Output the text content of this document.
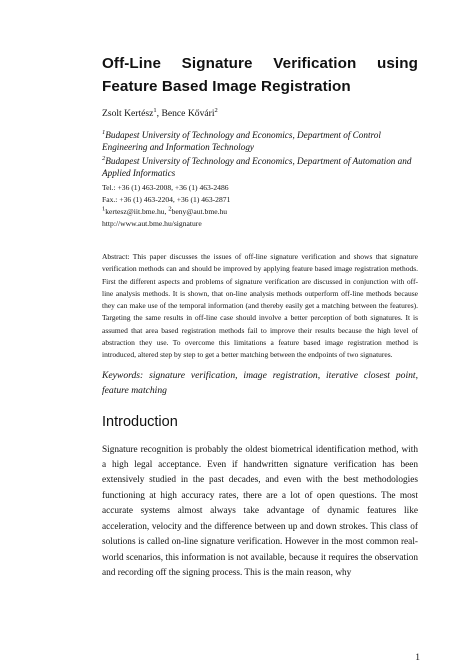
Off-Line Signature Verification using Feature Based Image Registration
Zsolt Kertész$^1$, Bence Kővári$^2$

$^1$Budapest University of Technology and Economics, Department of Control Engineering and Information Technology

$^2$Budapest University of Technology and Economics, Department of Automation and Applied Informatics

Tel.: +36 (1) 463-2008, +36 (1) 463-2486

Fax.: +36 (1) 463-2204, +36 (1) 463-2871

$^1$kertesz@iit.bme.hu, $^2$beny@aut.bme.hu

http://www.aut.bme.hu/signature

Abstract: This paper discusses the issues of off-line signature verification and shows that signature verification methods can and should be improved by applying feature based image registration methods. First the different aspects and problems of signature verification are discussed in conjunction with off-line analysis methods. It is shown, that on-line analysis methods outperform off-line methods because they can make use of the temporal information (and thereby easily get a matching between the features). Targeting the same results in off-line case should involve a better perception of both signatures. It is assumed that area based registration methods fail to improve their results because the high level of abstraction they use. To overcome this limitations a feature based image registration method is introduced, altered step by step to get a better matching between the endpoints of two signatures.

Keywords: signature verification, image registration, iterative closest point, feature matching

Introduction

Signature recognition is probably the oldest biometrical identification method, with a high legal acceptance. Even if handwritten signature verification has been extensively studied in the past decades, and even with the best methodologies functioning at high accuracy rates, there are a lot of open questions. The most accurate systems almost always take advantage of dynamic features like acceleration, velocity and the difference between up and down strokes. This class of solutions is called on-line signature verification. However in the most common real-world scenarios, this information is not available, because it requires the observation and recording off the signing process. This is the main reason, why

1
